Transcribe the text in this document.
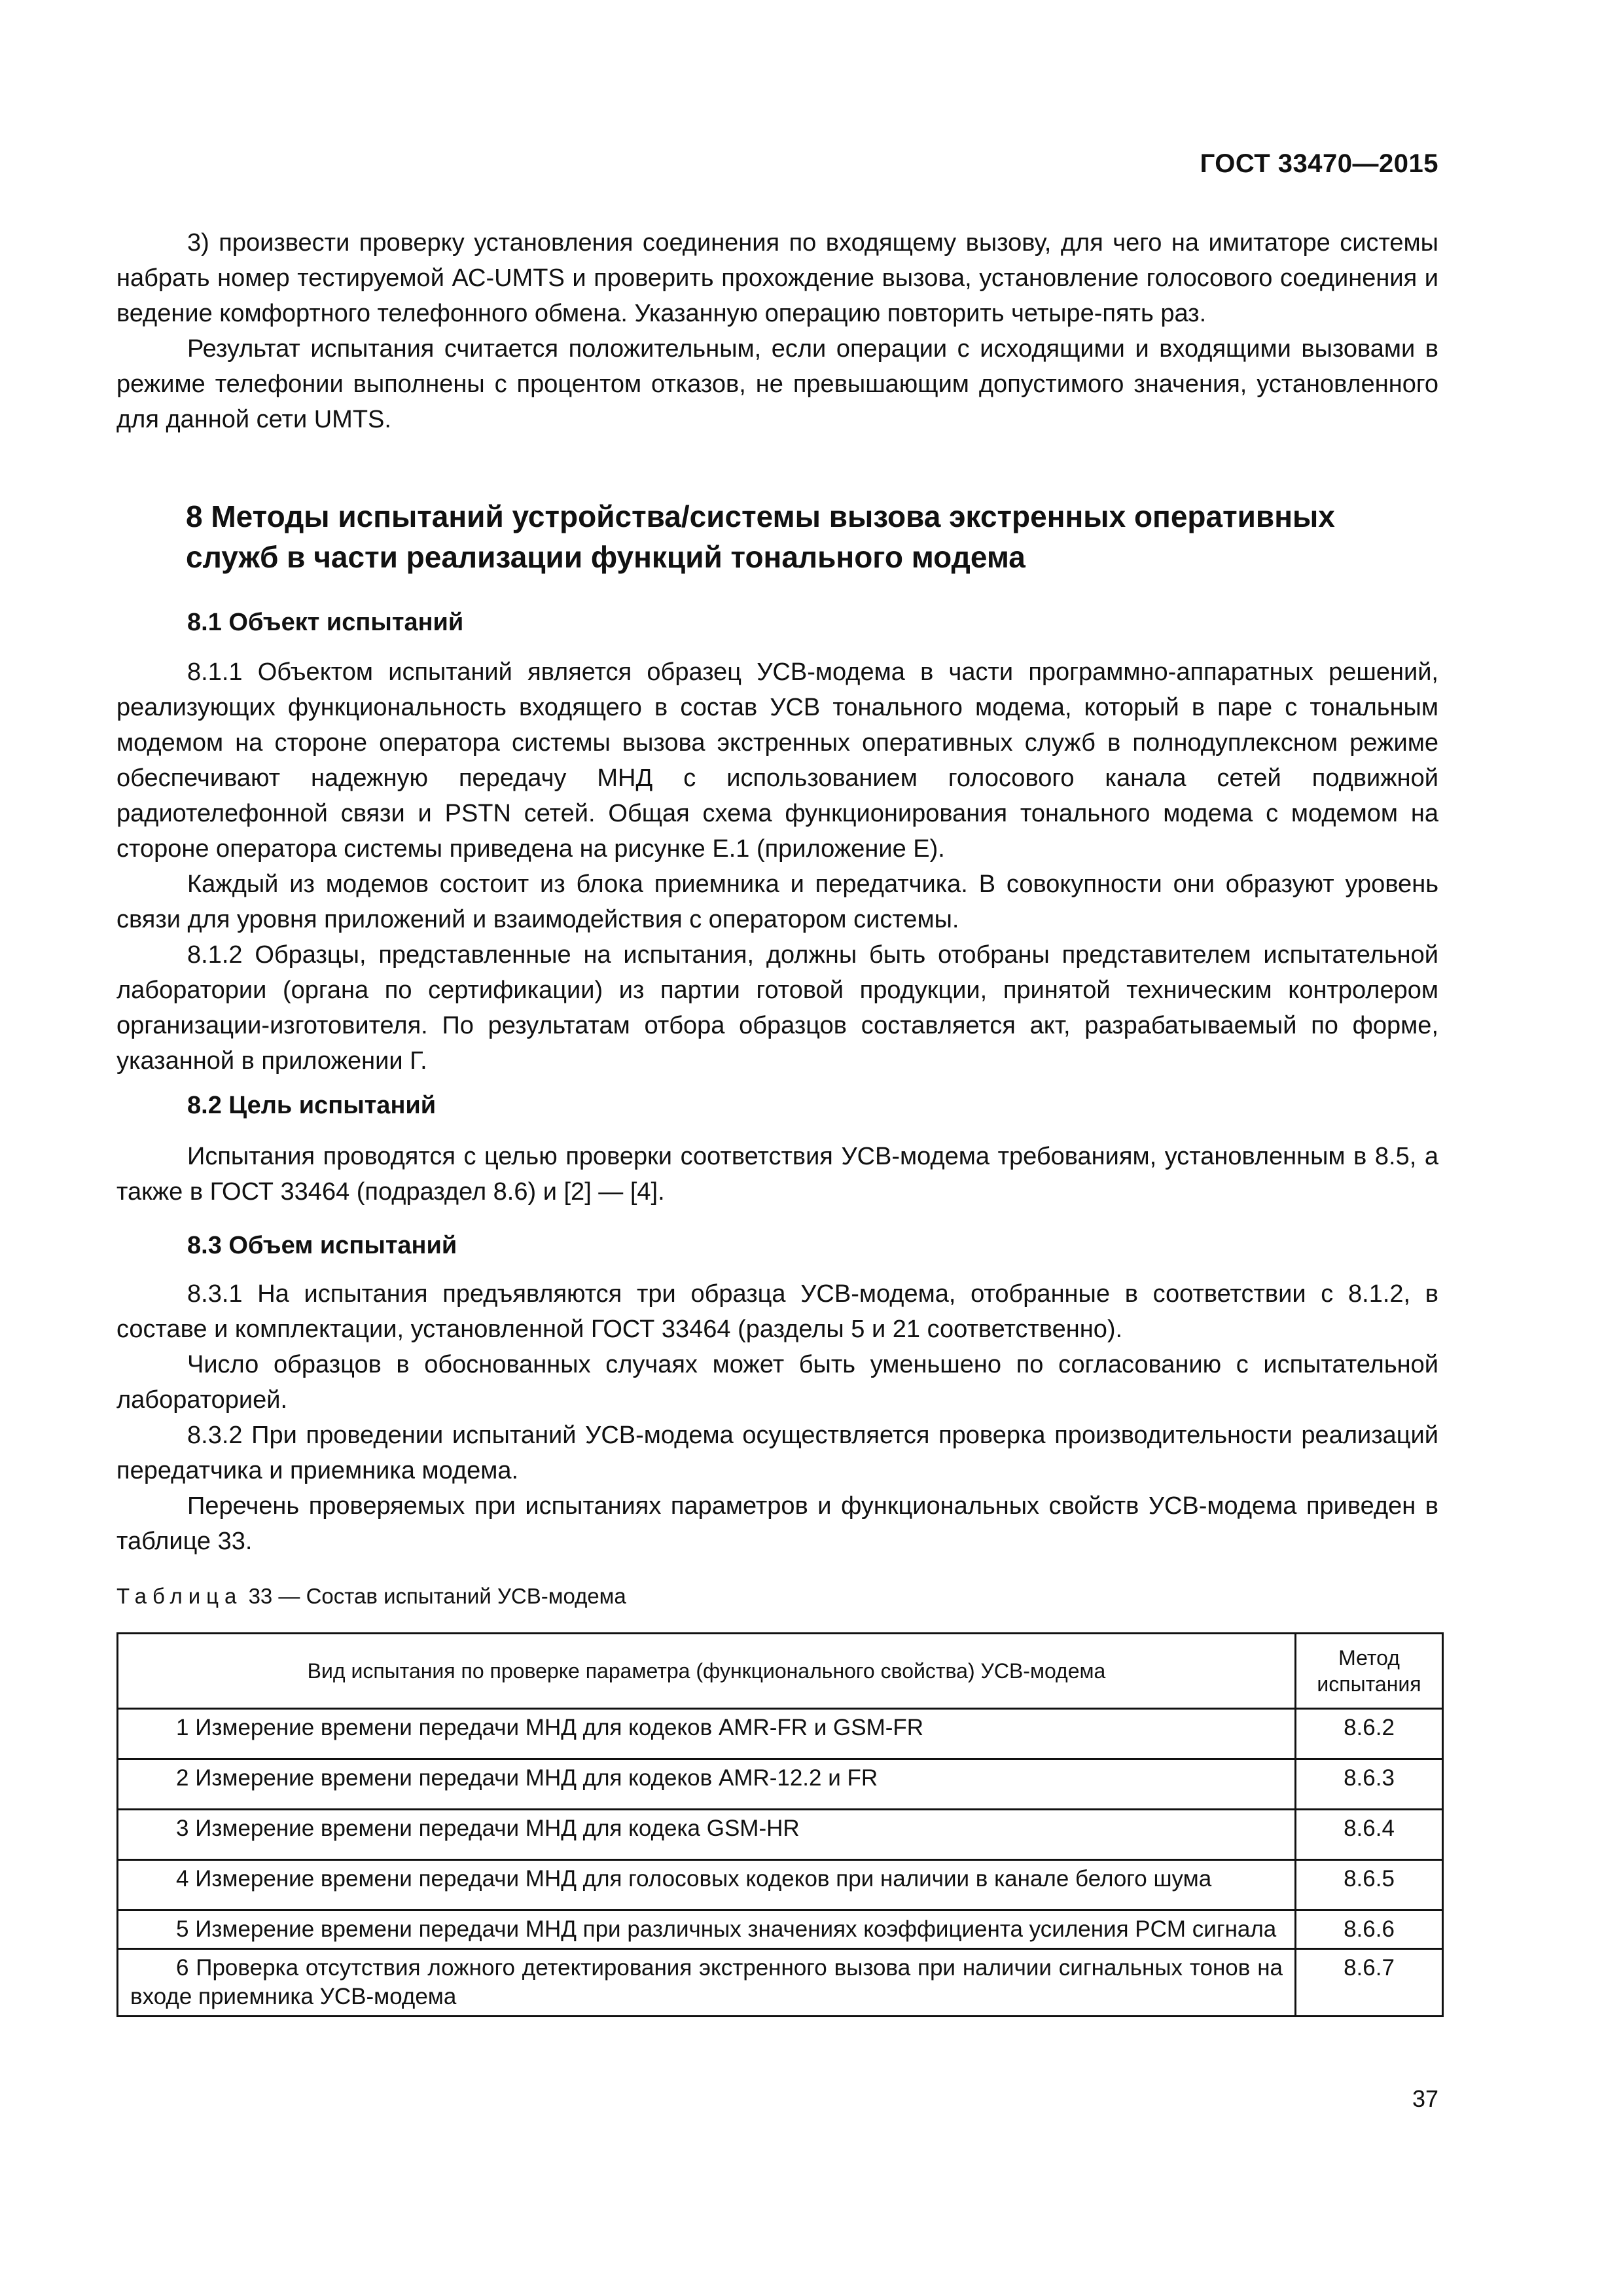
ГОСТ 33470—2015

3) произвести проверку установления соединения по входящему вызову, для чего на имитаторе системы набрать номер тестируемой АС-UMTS и проверить прохождение вызова, установление голосового соединения и ведение комфортного телефонного обмена. Указанную операцию повторить четыре-пять раз.

Результат испытания считается положительным, если операции с исходящими и входящими вызовами в режиме телефонии выполнены с процентом отказов, не превышающим допустимого значения, установленного для данной сети UMTS.

8 Методы испытаний устройства/системы вызова экстренных оперативных служб в части реализации функций тонального модема
8.1 Объект испытаний

8.1.1 Объектом испытаний является образец УСВ-модема в части программно-аппаратных решений, реализующих функциональность входящего в состав УСВ тонального модема, который в паре с тональным модемом на стороне оператора системы вызова экстренных оперативных служб в полнодуплексном режиме обеспечивают надежную передачу МНД с использованием голосового канала сетей подвижной радиотелефонной связи и PSTN сетей. Общая схема функционирования тонального модема с модемом на стороне оператора системы приведена на рисунке Е.1 (приложение Е).

Каждый из модемов состоит из блока приемника и передатчика. В совокупности они образуют уровень связи для уровня приложений и взаимодействия с оператором системы.

8.1.2 Образцы, представленные на испытания, должны быть отобраны представителем испытательной лаборатории (органа по сертификации) из партии готовой продукции, принятой техническим контролером организации-изготовителя. По результатам отбора образцов составляется акт, разрабатываемый по форме, указанной в приложении Г.

8.2 Цель испытаний

Испытания проводятся с целью проверки соответствия УСВ-модема требованиям, установленным в 8.5, а также в ГОСТ 33464 (подраздел 8.6) и [2] — [4].

8.3 Объем испытаний

8.3.1 На испытания предъявляются три образца УСВ-модема, отобранные в соответствии с 8.1.2, в составе и комплектации, установленной ГОСТ 33464 (разделы 5 и 21 соответственно).

Число образцов в обоснованных случаях может быть уменьшено по согласованию с испытательной лабораторией.

8.3.2 При проведении испытаний УСВ-модема осуществляется проверка производительности реализаций передатчика и приемника модема.

Перечень проверяемых при испытаниях параметров и функциональных свойств УСВ-модема приведен в таблице 33.

Таблица 33 — Состав испытаний УСВ-модема
Вид испытания по проверке параметра (функционального свойства) УСВ-модема	Метод испытания
1 Измерение времени передачи МНД для кодеков AMR-FR и GSM-FR	8.6.2
2 Измерение времени передачи МНД для кодеков AMR-12.2 и FR	8.6.3
3 Измерение времени передачи МНД для кодека GSM-HR	8.6.4
4 Измерение времени передачи МНД для голосовых кодеков при наличии в канале белого шума	8.6.5
5 Измерение времени передачи МНД при различных значениях коэффициента усиления PCM сигнала	8.6.6
6 Проверка отсутствия ложного детектирования экстренного вызова при наличии сигнальных тонов на входе приемника УСВ-модема	8.6.7
37
